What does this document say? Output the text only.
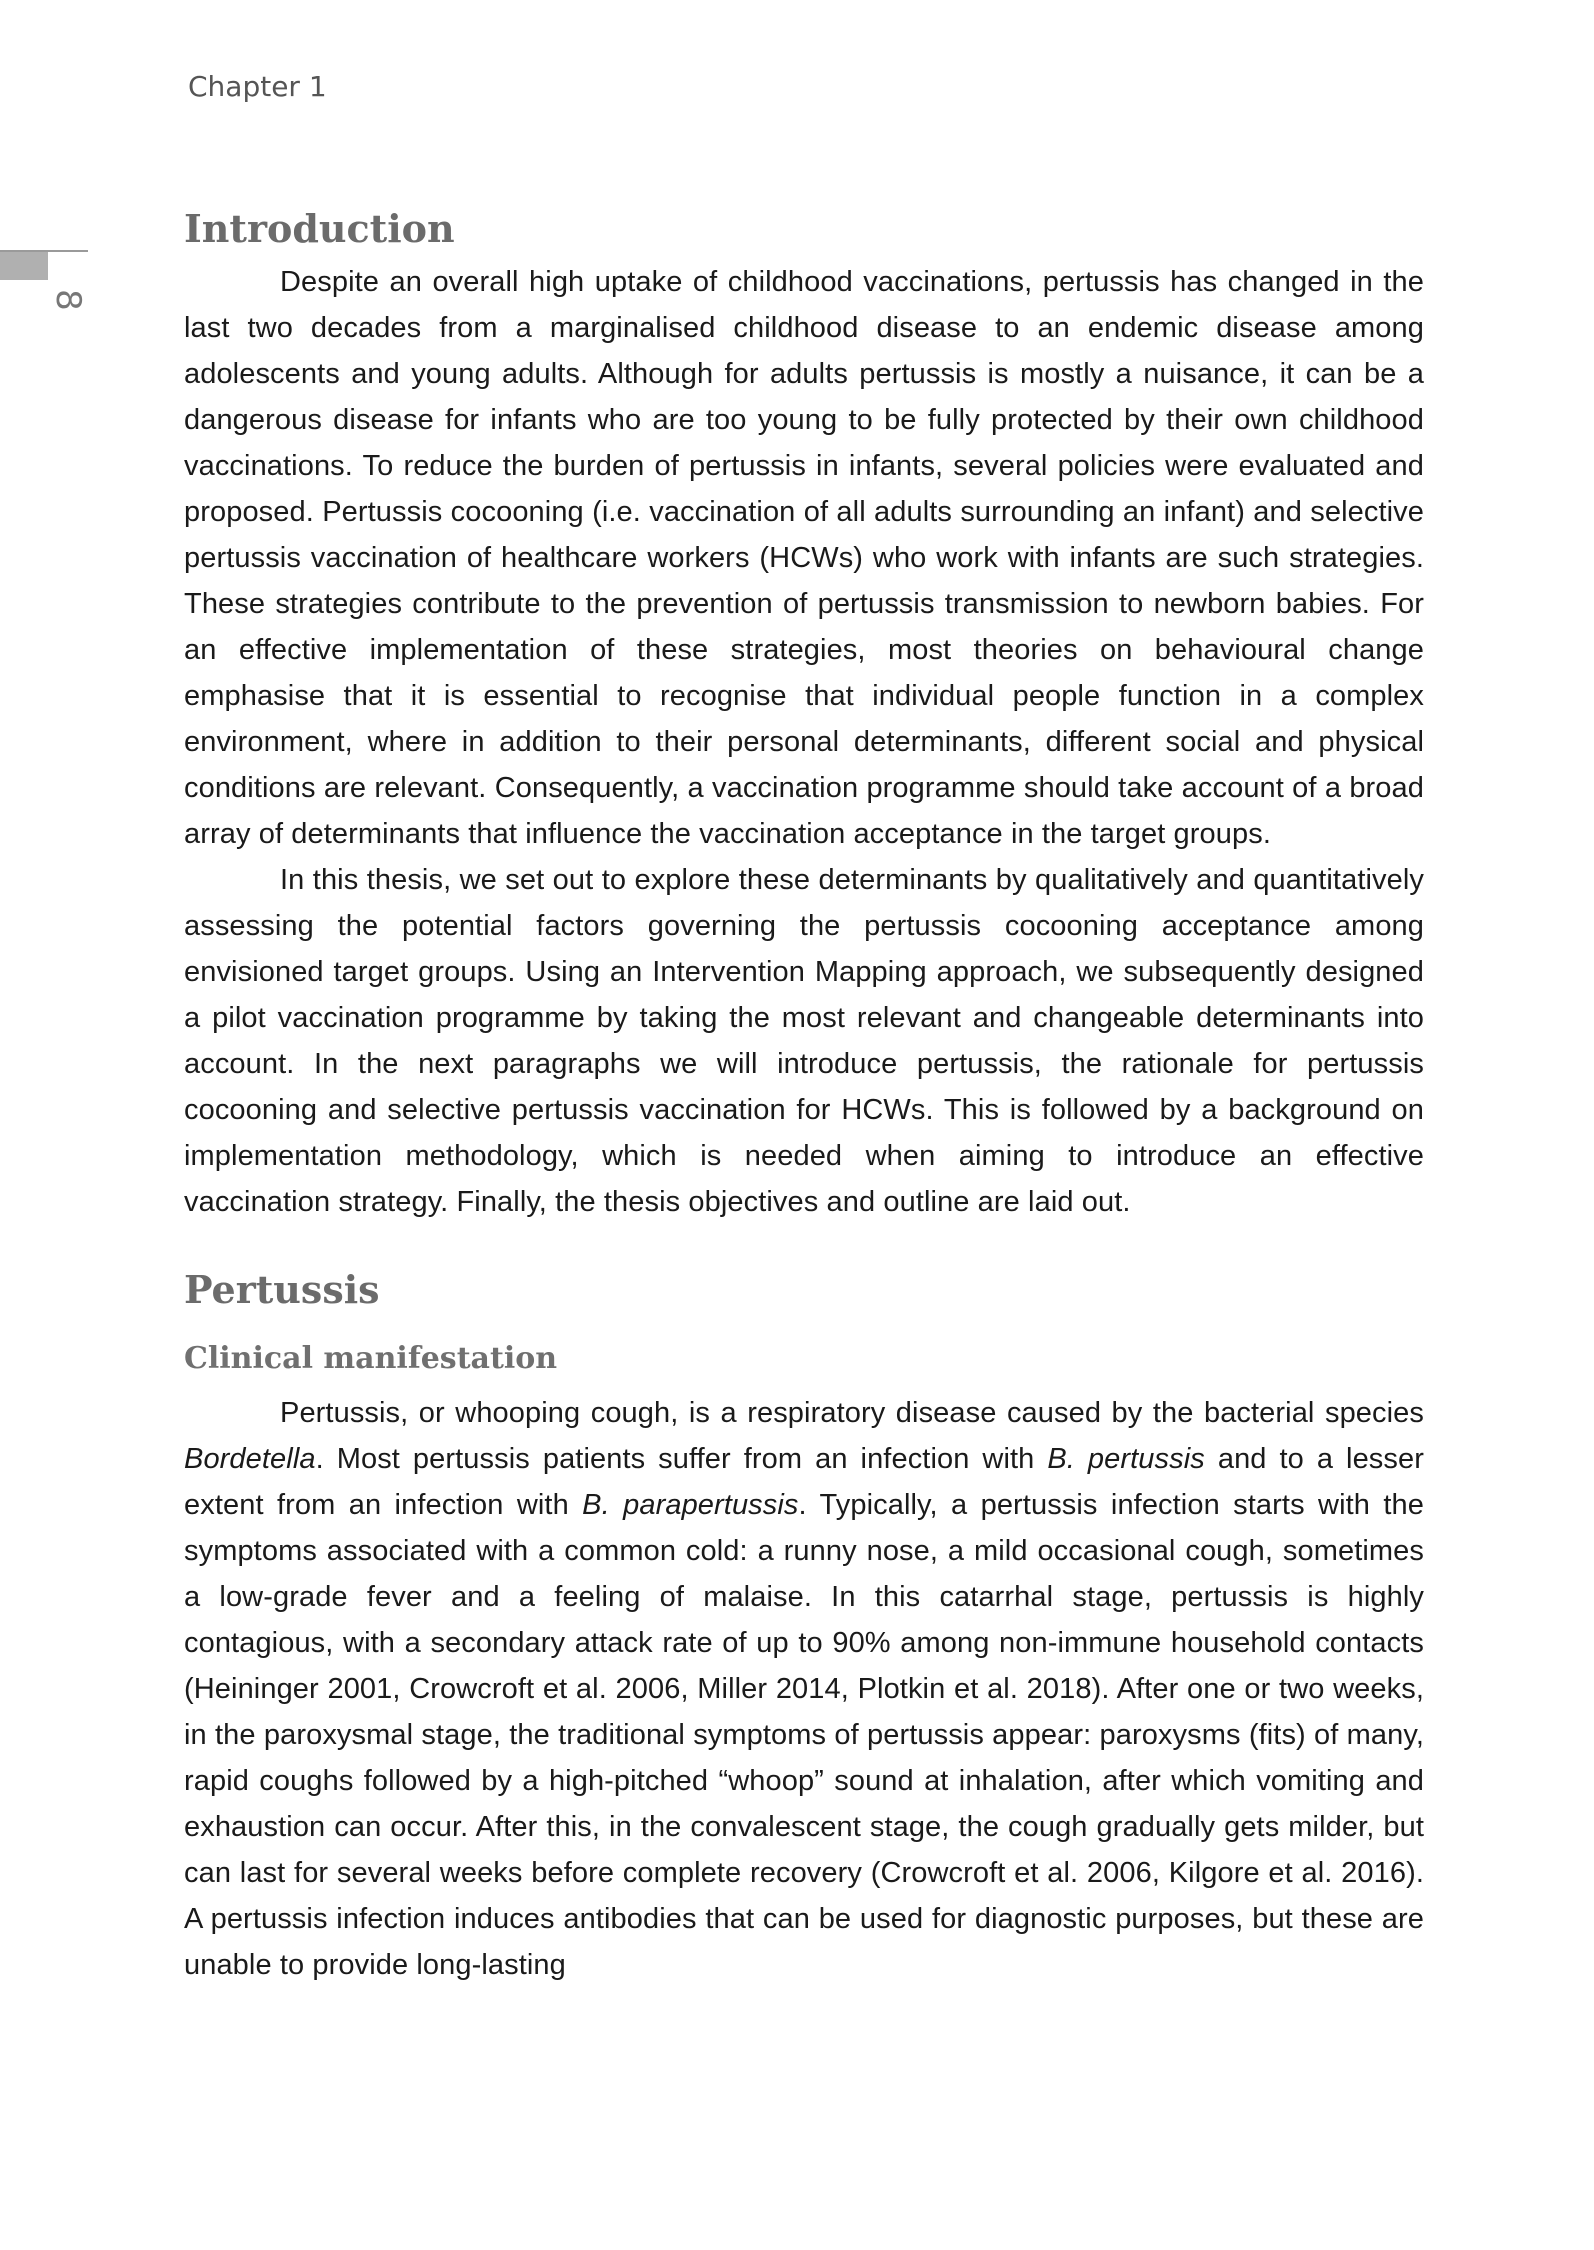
Chapter 1
8
Introduction

Despite an overall high uptake of childhood vaccinations, pertussis has changed in the last two decades from a marginalised childhood disease to an endemic disease among adolescents and young adults. Although for adults pertussis is mostly a nuisance, it can be a dangerous disease for infants who are too young to be fully protected by their own childhood vaccinations. To reduce the burden of pertussis in infants, several policies were evaluated and proposed. Pertussis cocooning (i.e. vaccination of all adults surrounding an infant) and selective pertussis vaccination of healthcare workers (HCWs) who work with infants are such strategies. These strategies contribute to the prevention of pertussis transmission to newborn babies. For an effective implementation of these strategies, most theories on behavioural change emphasise that it is essential to recognise that individual people function in a complex environment, where in addition to their personal determinants, different social and physical conditions are relevant. Consequently, a vaccination programme should take account of a broad array of determinants that influence the vaccination acceptance in the target groups.

In this thesis, we set out to explore these determinants by qualitatively and quantitatively assessing the potential factors governing the pertussis cocooning acceptance among envisioned target groups. Using an Intervention Mapping approach, we subsequently designed a pilot vaccination programme by taking the most relevant and changeable determinants into account. In the next paragraphs we will introduce pertussis, the rationale for pertussis cocooning and selective pertussis vaccination for HCWs. This is followed by a background on implementation methodology, which is needed when aiming to introduce an effective vaccination strategy. Finally, the thesis objectives and outline are laid out.

Pertussis
Clinical manifestation

Pertussis, or whooping cough, is a respiratory disease caused by the bacterial species Bordetella. Most pertussis patients suffer from an infection with B. pertussis and to a lesser extent from an infection with B. parapertussis. Typically, a pertussis infection starts with the symptoms associated with a common cold: a runny nose, a mild occasional cough, sometimes a low-grade fever and a feeling of malaise. In this catarrhal stage, pertussis is highly contagious, with a secondary attack rate of up to 90% among non-immune household contacts (Heininger 2001, Crowcroft et al. 2006, Miller 2014, Plotkin et al. 2018). After one or two weeks, in the paroxysmal stage, the traditional symptoms of pertussis appear: paroxysms (fits) of many, rapid coughs followed by a high-pitched “whoop” sound at inhalation, after which vomiting and exhaustion can occur. After this, in the convalescent stage, the cough gradually gets milder, but can last for several weeks before complete recovery (Crowcroft et al. 2006, Kilgore et al. 2016). A pertussis infection induces antibodies that can be used for diagnostic purposes, but these are unable to provide long-lasting
